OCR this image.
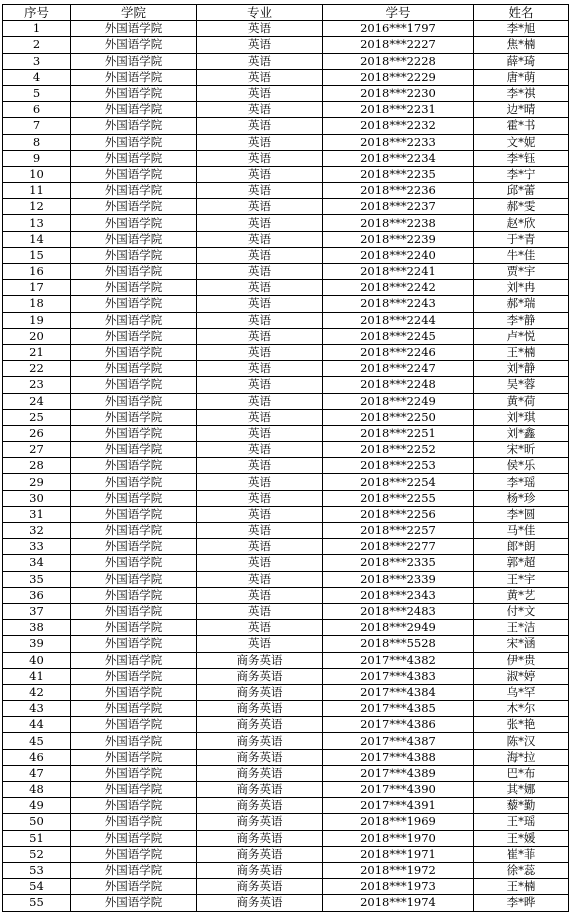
序号	学院	专业	学号	姓名
1	外国语学院	英语	2016***1797	李*旭
2	外国语学院	英语	2018***2227	焦*楠
3	外国语学院	英语	2018***2228	薛*琦
4	外国语学院	英语	2018***2229	唐*萌
5	外国语学院	英语	2018***2230	李*祺
6	外国语学院	英语	2018***2231	边*晴
7	外国语学院	英语	2018***2232	霍*书
8	外国语学院	英语	2018***2233	文*妮
9	外国语学院	英语	2018***2234	李*钰
10	外国语学院	英语	2018***2235	李*宁
11	外国语学院	英语	2018***2236	邱*蕾
12	外国语学院	英语	2018***2237	郝*雯
13	外国语学院	英语	2018***2238	赵*欣
14	外国语学院	英语	2018***2239	于*青
15	外国语学院	英语	2018***2240	牛*佳
16	外国语学院	英语	2018***2241	贾*宇
17	外国语学院	英语	2018***2242	刘*冉
18	外国语学院	英语	2018***2243	郝*瑞
19	外国语学院	英语	2018***2244	李*静
20	外国语学院	英语	2018***2245	卢*悦
21	外国语学院	英语	2018***2246	王*楠
22	外国语学院	英语	2018***2247	刘*静
23	外国语学院	英语	2018***2248	吴*蓉
24	外国语学院	英语	2018***2249	黄*荷
25	外国语学院	英语	2018***2250	刘*琪
26	外国语学院	英语	2018***2251	刘*鑫
27	外国语学院	英语	2018***2252	宋*昕
28	外国语学院	英语	2018***2253	侯*乐
29	外国语学院	英语	2018***2254	李*瑶
30	外国语学院	英语	2018***2255	杨*珍
31	外国语学院	英语	2018***2256	李*圆
32	外国语学院	英语	2018***2257	马*佳
33	外国语学院	英语	2018***2277	郎*朗
34	外国语学院	英语	2018***2335	郭*超
35	外国语学院	英语	2018***2339	王*宇
36	外国语学院	英语	2018***2343	黄*艺
37	外国语学院	英语	2018***2483	付*文
38	外国语学院	英语	2018***2949	王*洁
39	外国语学院	英语	2018***5528	宋*涵
40	外国语学院	商务英语	2017***4382	伊*贵
41	外国语学院	商务英语	2017***4383	淑*婷
42	外国语学院	商务英语	2017***4384	乌*罕
43	外国语学院	商务英语	2017***4385	木*尔
44	外国语学院	商务英语	2017***4386	张*艳
45	外国语学院	商务英语	2017***4387	陈*汉
46	外国语学院	商务英语	2017***4388	海*拉
47	外国语学院	商务英语	2017***4389	巴*布
48	外国语学院	商务英语	2017***4390	其*娜
49	外国语学院	商务英语	2017***4391	藜*勤
50	外国语学院	商务英语	2018***1969	王*瑶
51	外国语学院	商务英语	2018***1970	王*媛
52	外国语学院	商务英语	2018***1971	崔*菲
53	外国语学院	商务英语	2018***1972	徐*蕊
54	外国语学院	商务英语	2018***1973	王*楠
55	外国语学院	商务英语	2018***1974	李*晔
